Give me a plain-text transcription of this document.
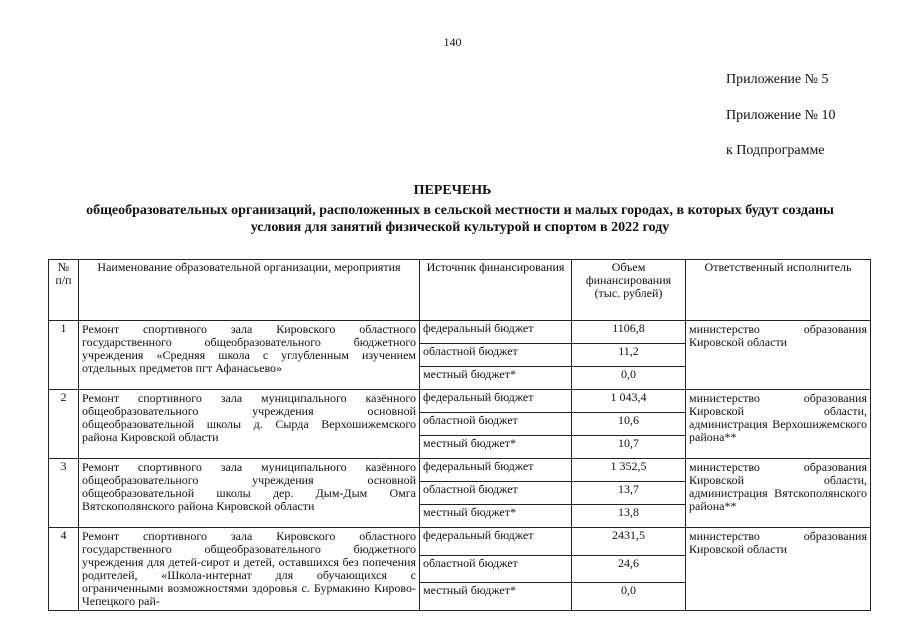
140
Приложение № 5
Приложение № 10
к Подпрограмме
ПЕРЕЧЕНЬ
общеобразовательных организаций, расположенных в сельской местности и малых городах, в которых будут созданы условия для занятий физической культурой и спортом в 2022 году
№ п/п	Наименование образовательной организации, мероприятия	Источник финансирования	Объем финансирования (тыс. рублей)	Ответственный исполнитель
1	Ремонт спортивного зала Кировского областного государственного общеобразовательного бюджетного учреждения «Средняя школа с углубленным изучением отдельных предметов пгт Афанасьево»	федеральный бюджет	1106,8	министерство образования Кировской области
		областной бюджет	11,2	
		местный бюджет*	0,0	
2	Ремонт спортивного зала муниципального казённого общеобразовательного учреждения основной общеобразовательной школы д. Сырда Верхошижемского района Кировской области	федеральный бюджет	1 043,4	министерство образования Кировской области, администрация Верхошижемского района**
		областной бюджет	10,6	
		местный бюджет*	10,7	
3	Ремонт спортивного зала муниципального казённого общеобразовательного учреждения основной общеобразовательной школы дер. Дым-Дым Омга Вятскополянского района Кировской области	федеральный бюджет	1 352,5	министерство образования Кировской области, администрация Вятскополянского района**
		областной бюджет	13,7	
		местный бюджет*	13,8	
4	Ремонт спортивного зала Кировского областного государственного общеобразовательного бюджетного учреждения для детей-сирот и детей, оставшихся без попечения родителей, «Школа-интернат для обучающихся с ограниченными возможностями здоровья с. Бурмакино Кирово-Чепецкого рай-	федеральный бюджет	2431,5	министерство образования Кировской области
		областной бюджет	24,6	
		местный бюджет*	0,0	
